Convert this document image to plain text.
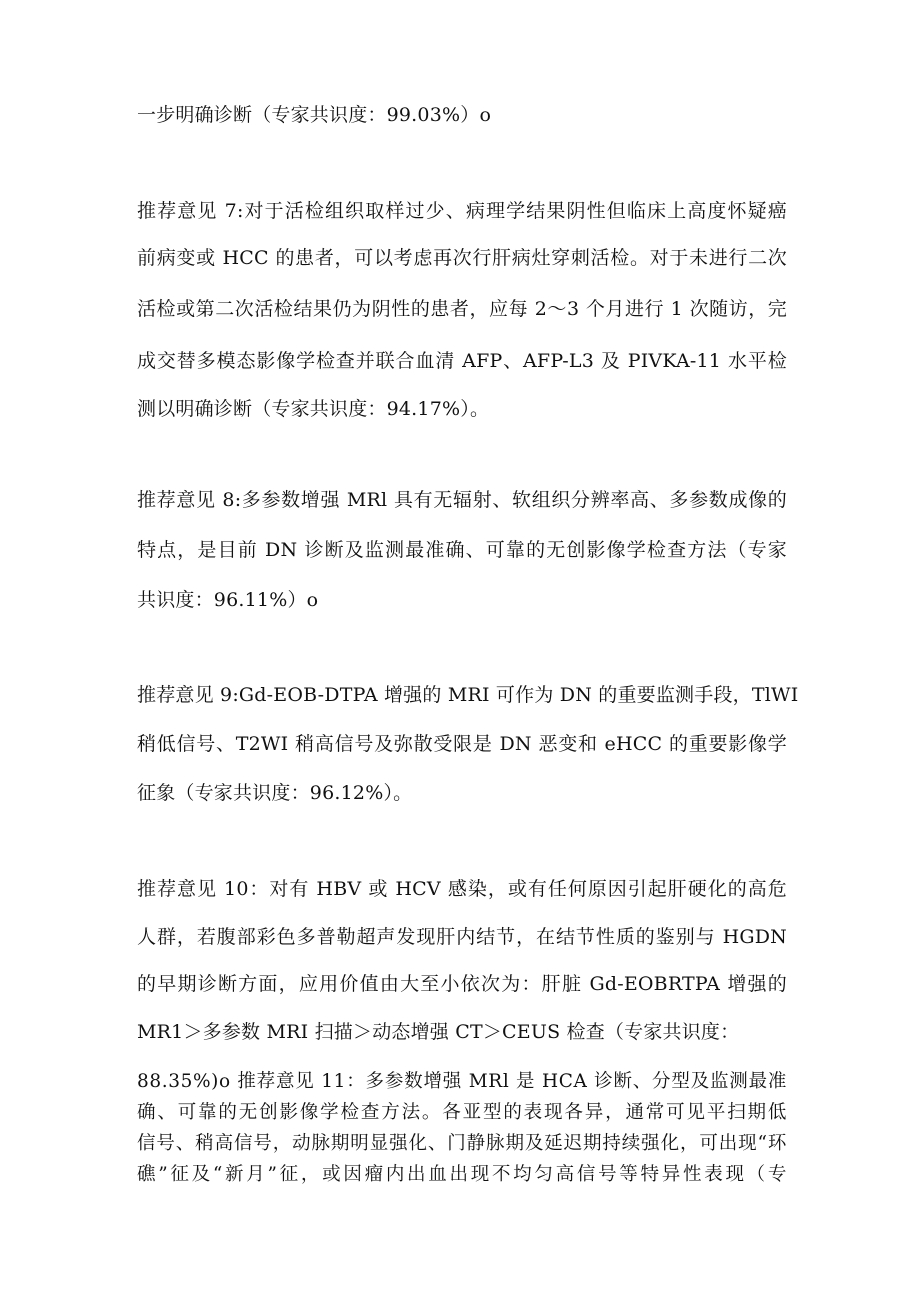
一步明确诊断（专家共识度：99.03%）o
推荐意见 7:对于活检组织取样过少、病理学结果阴性但临床上高度怀疑癌
前病变或 HCC 的患者，可以考虑再次行肝病灶穿刺活检。对于未进行二次
活检或第二次活检结果仍为阴性的患者，应每 2～3 个月进行 1 次随访，完
成交替多模态影像学检查并联合血清 AFP、AFP-L3 及 PIVKA-11 水平检
测以明确诊断（专家共识度：94.17%）。
推荐意见 8:多参数增强 MRl 具有无辐射、软组织分辨率高、多参数成像的
特点，是目前 DN 诊断及监测最准确、可靠的无创影像学检查方法（专家
共识度：96.11%）o
推荐意见 9:Gd-EOB-DTPA 增强的 MRI 可作为 DN 的重要监测手段，TlWI
稍低信号、T2WI 稍高信号及弥散受限是 DN 恶变和 eHCC 的重要影像学
征象（专家共识度：96.12%）。
推荐意见 10：对有 HBV 或 HCV 感染，或有任何原因引起肝硬化的高危
人群，若腹部彩色多普勒超声发现肝内结节，在结节性质的鉴别与 HGDN
的早期诊断方面，应用价值由大至小依次为：肝脏 Gd-EOBRTPA 增强的
MR1＞多参数 MRI 扫描＞动态增强 CT＞CEUS 检查（专家共识度：
88.35%)o 推荐意见 11：多参数增强 MRl 是 HCA 诊断、分型及监测最准
确、可靠的无创影像学检查方法。各亚型的表现各异，通常可见平扫期低
信号、稍高信号，动脉期明显强化、门静脉期及延迟期持续强化，可出现“环
礁”征及“新月”征，或因瘤内出血出现不均匀高信号等特异性表现（专
